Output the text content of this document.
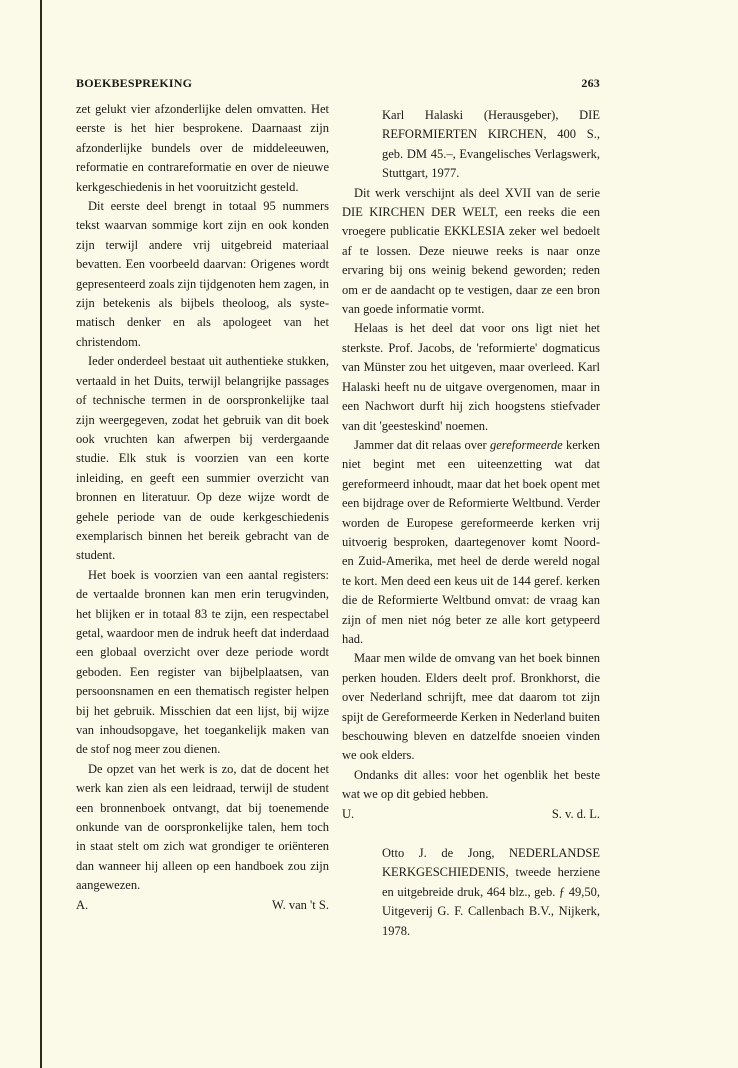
BOEKBESPREKING	263

zet gelukt vier afzonderlijke delen omvatten. Het eerste is het hier besprokene. Daarnaast zijn afzonderlijke bundels over de middeleeuwen, reformatie en contrareformatie en over de nieuwe kerkgeschiedenis in het vooruitzicht gesteld.

Dit eerste deel brengt in totaal 95 nummers tekst waarvan sommige kort zijn en ook konden zijn terwijl andere vrij uitgebreid materiaal bevatten. Een voorbeeld daarvan: Origenes wordt gepresenteerd zoals zijn tijdgenoten hem zagen, in zijn betekenis als bijbels theoloog, als systematisch denker en als apologeet van het christendom.

Ieder onderdeel bestaat uit authentieke stukken, vertaald in het Duits, terwijl belangrijke passages of technische termen in de oorspronkelijke taal zijn weergegeven, zodat het gebruik van dit boek ook vruchten kan afwerpen bij verdergaande studie. Elk stuk is voorzien van een korte inleiding, en geeft een summier overzicht van bronnen en literatuur. Op deze wijze wordt de gehele periode van de oude kerkgeschiedenis exemplarisch binnen het bereik gebracht van de student.

Het boek is voorzien van een aantal registers: de vertaalde bronnen kan men erin terugvinden, het blijken er in totaal 83 te zijn, een respectabel getal, waardoor men de indruk heeft dat inderdaad een globaal overzicht over deze periode wordt geboden. Een register van bijbelplaatsen, van persoonsnamen en een thematisch register helpen bij het gebruik. Misschien dat een lijst, bij wijze van inhoudsopgave, het toegankelijk maken van de stof nog meer zou dienen.

De opzet van het werk is zo, dat de docent het werk kan zien als een leidraad, terwijl de student een bronnenboek ontvangt, dat bij toenemende onkunde van de oorspronkelijke talen, hem toch in staat stelt om zich wat grondiger te oriënteren dan wanneer hij alleen op een handboek zou zijn aangewezen.

A.	W. van 't S.

Karl Halaski (Herausgeber), DIE REFORMIERTEN KIRCHEN, 400 S., geb. DM 45.–, Evangelisches Verlagswerk, Stuttgart, 1977.

Dit werk verschijnt als deel XVII van de serie DIE KIRCHEN DER WELT, een reeks die een vroegere publicatie EKKLESIA zeker wel bedoelt af te lossen. Deze nieuwe reeks is naar onze ervaring bij ons weinig bekend geworden; reden om er de aandacht op te vestigen, daar ze een bron van goede informatie vormt.

Helaas is het deel dat voor ons ligt niet het sterkste. Prof. Jacobs, de 'reformierte' dogmaticus van Münster zou het uitgeven, maar overleed. Karl Halaski heeft nu de uitgave overgenomen, maar in een Nachwort durft hij zich hoogstens stiefvader van dit 'geesteskind' noemen.

Jammer dat dit relaas over gereformeerde kerken niet begint met een uiteenzetting wat dat gereformeerd inhoudt, maar dat het boek opent met een bijdrage over de Reformierte Weltbund. Verder worden de Europese gereformeerde kerken vrij uitvoerig besproken, daartegenover komt Noord- en Zuid-Amerika, met heel de derde wereld nogal te kort. Men deed een keus uit de 144 geref. kerken die de Reformierte Weltbund omvat: de vraag kan zijn of men niet nóg beter ze alle kort getypeerd had.

Maar men wilde de omvang van het boek binnen perken houden. Elders deelt prof. Bronkhorst, die over Nederland schrijft, mee dat daarom tot zijn spijt de Gereformeerde Kerken in Nederland buiten beschouwing bleven en datzelfde snoeien vinden we ook elders.

Ondanks dit alles: voor het ogenblik het beste wat we op dit gebied hebben.

U.	S. v. d. L.

Otto J. de Jong, NEDERLANDSE KERKGESCHIEDENIS, tweede herziene en uitgebreide druk, 464 blz., geb. ƒ 49,50, Uitgeverij G. F. Callenbach B.V., Nijkerk, 1978.
